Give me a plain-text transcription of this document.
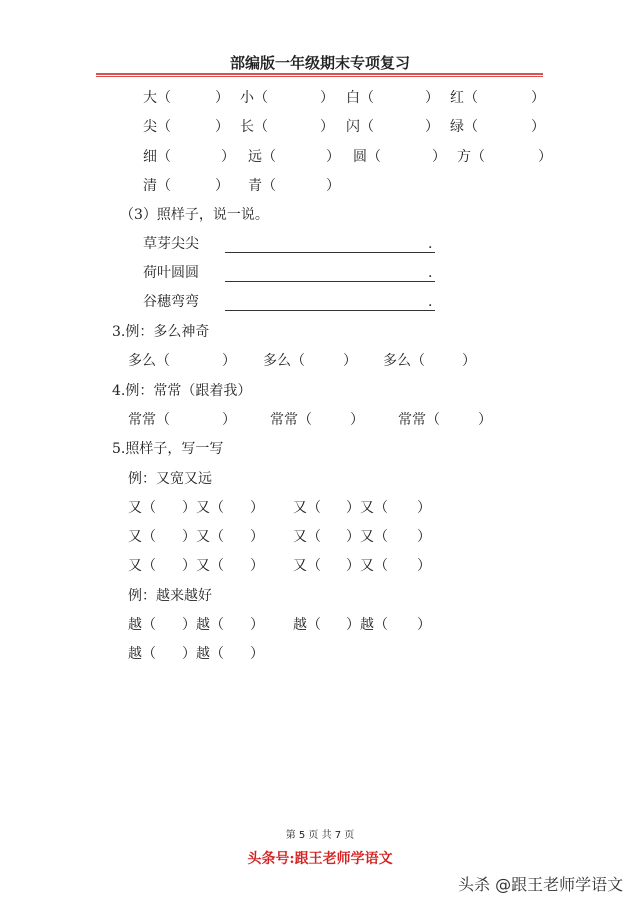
部编版一年级期末专项复习
大（	） 小（	） 白（	） 红（	）
尖（	） 长（	） 闪（	） 绿（	）
细（	） 远（	） 圆（	） 方（	）
清（	） 青（	）
（3）照样子，说一说。
草芽尖尖	.
荷叶圆圆	.
谷穗弯弯	.
3.例：多么神奇
多么（	） 多么（	） 多么（	）
4.例：常常（跟着我）
常常（	） 常常（	） 常常（	）
5.照样子，写一写
例：又宽又远
又（ ）又（ ） 又（ ）又（ ）
又（ ）又（ ） 又（ ）又（ ）
又（ ）又（ ） 又（ ）又（ ）
例：越来越好
越（ ）越（ ） 越（ ）越（ ）
越（ ）越（ ）
第 5 页 共 7 页
头条号:跟王老师学语文
头杀 @跟王老师学语文
